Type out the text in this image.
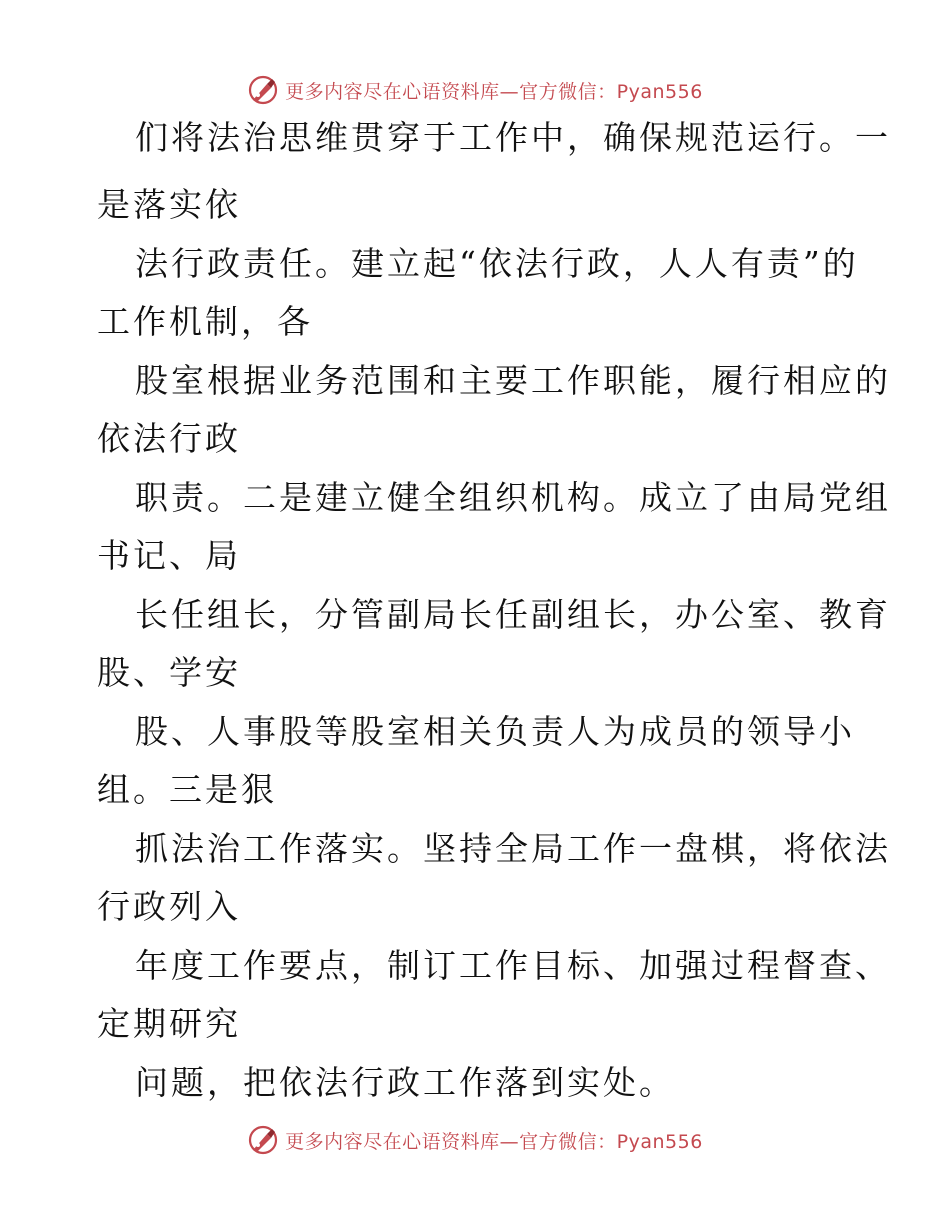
更多内容尽在心语资料库—官方微信：Pyan556
们将法治思维贯穿于工作中，确保规范运行。一
是落实依
法行政责任。建立起“依法行政，人人有责”的
工作机制，各
股室根据业务范围和主要工作职能，履行相应的
依法行政
职责。二是建立健全组织机构。成立了由局党组
书记、局
长任组长，分管副局长任副组长，办公室、教育
股、学安
股、人事股等股室相关负责人为成员的领导小
组。三是狠
抓法治工作落实。坚持全局工作一盘棋，将依法
行政列入
年度工作要点，制订工作目标、加强过程督查、
定期研究
问题，把依法行政工作落到实处。
更多内容尽在心语资料库—官方微信：Pyan556
